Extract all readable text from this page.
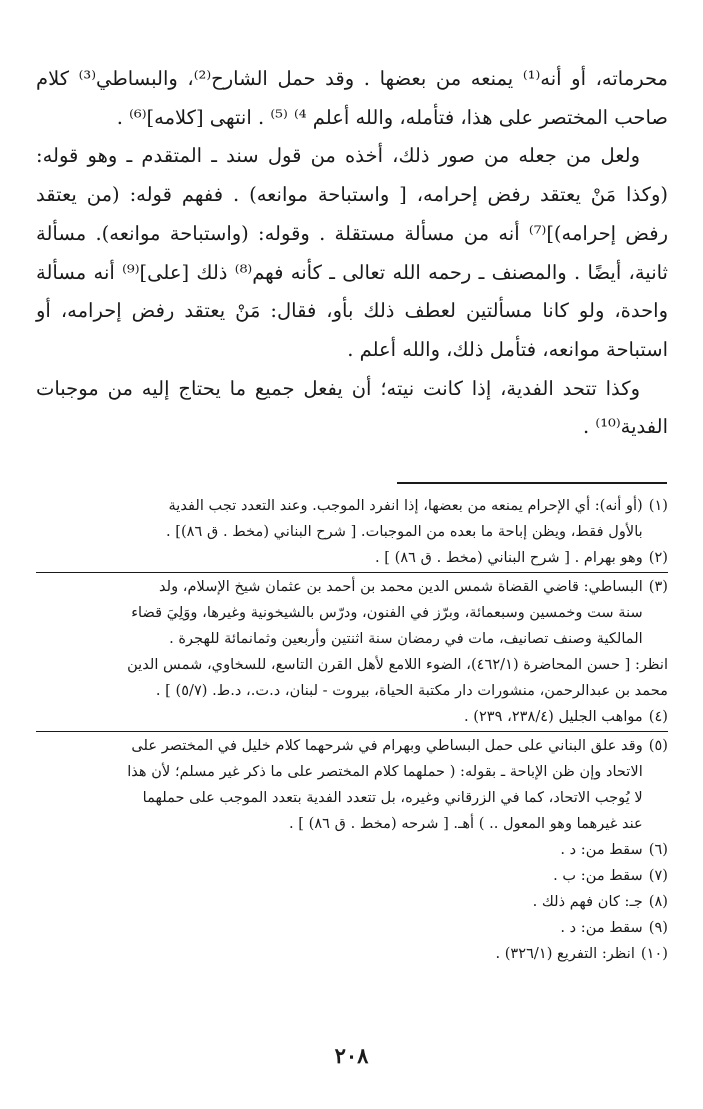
محرماته، أو أنه⁽¹⁾ يمنعه من بعضها . وقد حمل الشارح⁽²⁾، والبساطي⁽³⁾ كلام صاحب المختصر على هذا، فتأمله، والله أعلم ⁴⁾ ⁽⁵⁾ . انتهى [كلامه]⁽⁶⁾ .

ولعل من جعله من صور ذلك، أخذه من قول سند ـ المتقدم ـ وهو قوله: (وكذا مَنْ يعتقد رفض إحرامه، [ واستباحة موانعه) . ففهم قوله: (من يعتقد رفض إحرامه)]⁽⁷⁾ أنه من مسألة مستقلة . وقوله: (واستباحة موانعه). مسألة ثانية، أيضًا . والمصنف ـ رحمه الله تعالى ـ كأنه فهم⁽⁸⁾ ذلك [على]⁽⁹⁾ أنه مسألة واحدة، ولو كانا مسألتين لعطف ذلك بأو، فقال: مَنْ يعتقد رفض إحرامه، أو استباحة موانعه، فتأمل ذلك، والله أعلم .

وكذا تتحد الفدية، إذا كانت نيته؛ أن يفعل جميع ما يحتاج إليه من موجبات الفدية⁽¹⁰⁾ .

(١)
(أو أنه): أي الإحرام يمنعه من بعضها، إذا انفرد الموجب. وعند التعدد تجب الفدية
بالأول فقط، ويظن إباحة ما بعده من الموجبات. [ شرح البناني (مخط . ق ٨٦)] .
(٢)
وهو بهرام . [ شرح البناني (مخط . ق ٨٦) ] .
(٣)
البساطي: قاضي القضاة شمس الدين محمد بن أحمد بن عثمان شيخ الإسلام، ولد
سنة ست وخمسين وسبعمائة، وبرّز في الفنون، ودرّس بالشيخونية وغيرها، ووَلِيَ قضاء
المالكية وصنف تصانيف، مات في رمضان سنة اثنتين وأربعين وثمانمائة للهجرة .
انظر: [ حسن المحاضرة (٤٦٢/١)، الضوء اللامع لأهل القرن التاسع، للسخاوي، شمس الدين
محمد بن عبدالرحمن، منشورات دار مكتبة الحياة، بيروت - لبنان، د.ت.، د.ط. (٥/٧) ] .
(٤)
مواهب الجليل (٢٣٨/٤، ٢٣٩) .
(٥)
وقد علق البناني على حمل البساطي وبهرام في شرحهما كلام خليل في المختصر على
الاتحاد وإن ظن الإباحة ـ بقوله: ( حملهما كلام المختصر على ما ذكر غير مسلم؛ لأن هذا
لا يُوجب الاتحاد، كما في الزرقاني وغيره، بل تتعدد الفدية بتعدد الموجب على حملهما
عند غيرهما وهو المعول .. ) أهـ. [ شرحه (مخط . ق ٨٦) ] .
(٦)
سقط من: د .
(٧)
سقط من: ب .
(٨)
جـ: كان فهم ذلك .
(٩)
سقط من: د .
(١٠)
انظر: التفريع (٣٢٦/١) .
٢٠٨
